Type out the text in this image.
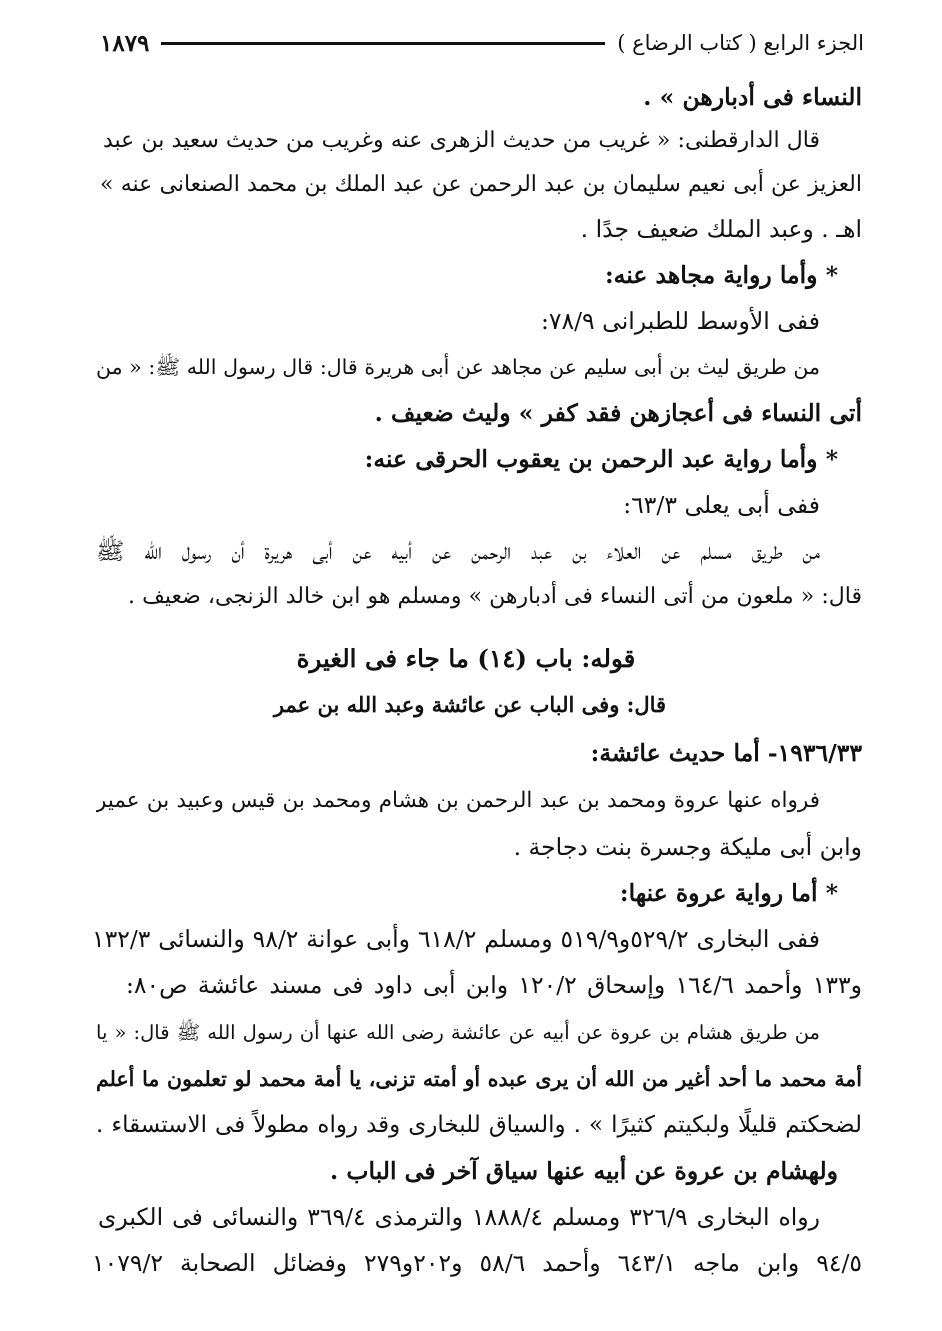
الجزء الرابع ( كتاب الرضاع )
١٨٧٩
النساء فى أدبارهن » .
قال الدارقطنى: « غريب من حديث الزهرى عنه وغريب من حديث سعيد بن عبد
العزيز عن أبى نعيم سليمان بن عبد الرحمن عن عبد الملك بن محمد الصنعانى عنه »
اهـ . وعبد الملك ضعيف جدًا .
* وأما رواية مجاهد عنه:
ففى الأوسط للطبرانى ٧٨/٩:
من طريق ليث بن أبى سليم عن مجاهد عن أبى هريرة قال: قال رسول الله ﷺ: « من
أتى النساء فى أعجازهن فقد كفر » وليث ضعيف .
* وأما رواية عبد الرحمن بن يعقوب الحرقى عنه:
ففى أبى يعلى ٦٣/٣:
من طريق مسلم عن العلاء بن عبد الرحمن عن أبيه عن أبى هريرة أن رسول الله ﷺ
قال: « ملعون من أتى النساء فى أدبارهن » ومسلم هو ابن خالد الزنجى، ضعيف .
قوله: باب (١٤) ما جاء فى الغيرة
قال: وفى الباب عن عائشة وعبد الله بن عمر
١٩٣٦/٣٣- أما حديث عائشة:
فرواه عنها عروة ومحمد بن عبد الرحمن بن هشام ومحمد بن قيس وعبيد بن عمير
وابن أبى مليكة وجسرة بنت دجاجة .
* أما رواية عروة عنها:
ففى البخارى ٥٢٩/٢و٥١٩/٩ ومسلم ٦١٨/٢ وأبى عوانة ٩٨/٢ والنسائى ١٣٢/٣
و١٣٣ وأحمد ١٦٤/٦ وإسحاق ١٢٠/٢ وابن أبى داود فى مسند عائشة ص٨٠:
من طريق هشام بن عروة عن أبيه عن عائشة رضى الله عنها أن رسول الله ﷺ قال: « يا
أمة محمد ما أحد أغير من الله أن يرى عبده أو أمته تزنى، يا أمة محمد لو تعلمون ما أعلم
لضحكتم قليلًا ولبكيتم كثيرًا » . والسياق للبخارى وقد رواه مطولاً فى الاستسقاء .
ولهشام بن عروة عن أبيه عنها سياق آخر فى الباب .
رواه البخارى ٣٢٦/٩ ومسلم ١٨٨٨/٤ والترمذى ٣٦٩/٤ والنسائى فى الكبرى
٩٤/٥ وابن ماجه ٦٤٣/١ وأحمد ٥٨/٦ و٢٠٢و٢٧٩ وفضائل الصحابة ١٠٧٩/٢
